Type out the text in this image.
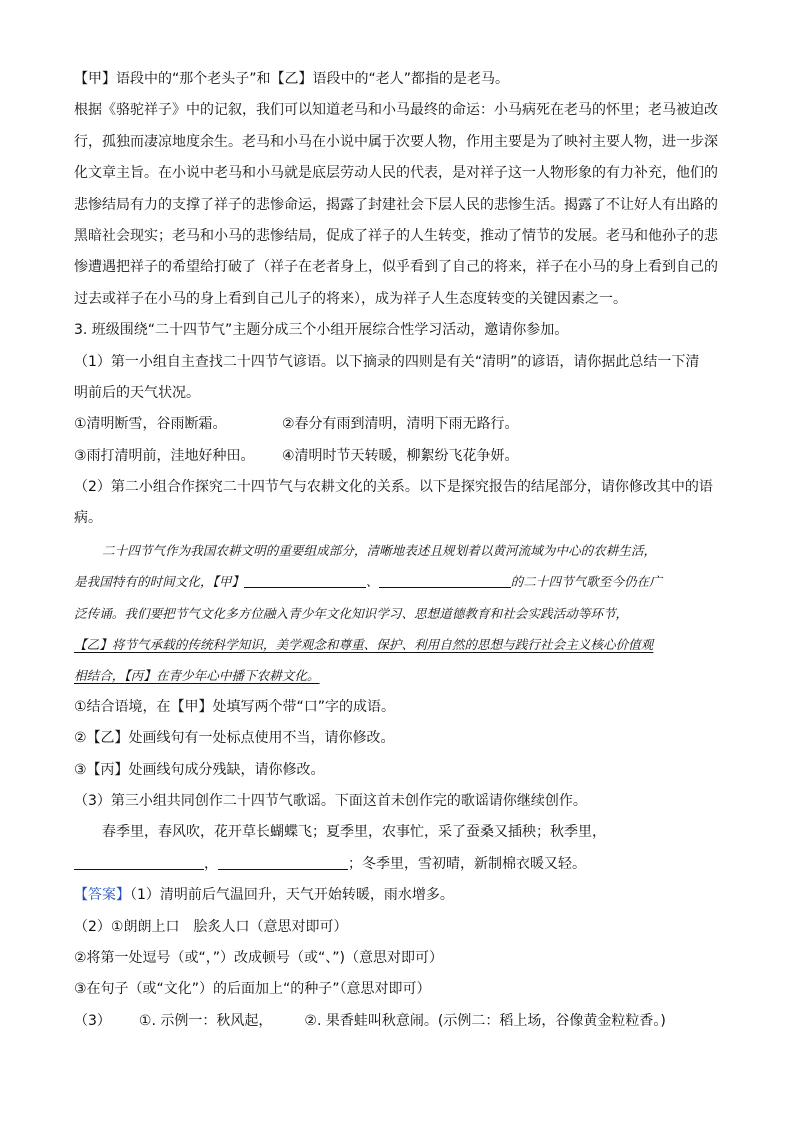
【甲】语段中的“那个老头子”和【乙】语段中的“老人”都指的是老马。
根据《骆驼祥子》中的记叙，我们可以知道老马和小马最终的命运：小马病死在老马的怀里；老马被迫改
行，孤独而凄凉地度余生。老马和小马在小说中属于次要人物，作用主要是为了映衬主要人物，进一步深
化文章主旨。在小说中老马和小马就是底层劳动人民的代表，是对祥子这一人物形象的有力补充，他们的
悲惨结局有力的支撑了祥子的悲惨命运，揭露了封建社会下层人民的悲惨生活。揭露了不让好人有出路的
黑暗社会现实；老马和小马的悲惨结局，促成了祥子的人生转变，推动了情节的发展。老马和他孙子的悲
惨遭遇把祥子的希望给打破了（祥子在老者身上，似乎看到了自己的将来，祥子在小马的身上看到自己的
过去或祥子在小马的身上看到自己儿子的将来），成为祥子人生态度转变的关键因素之一。
3. 班级围绕“二十四节气”主题分成三个小组开展综合性学习活动，邀请你参加。
（1）第一小组自主查找二十四节气谚语。以下摘录的四则是有关“清明”的谚语，请你据此总结一下清
明前后的天气状况。
①清明断雪，谷雨断霜。	②春分有雨到清明，清明下雨无路行。
③雨打清明前，洼地好种田。 ④清明时节天转暖，柳絮纷飞花争妍。
（2）第二小组合作探究二十四节气与农耕文化的关系。以下是探究报告的结尾部分，请你修改其中的语
病。
二十四节气作为我国农耕文明的重要组成部分，清晰地表述且规划着以黄河流域为中心的农耕生活，
是我国特有的时间文化，【甲】	、	的二十四节气歌至今仍在广
泛传诵。我们要把节气文化多方位融入青少年文化知识学习、思想道德教育和社会实践活动等环节，
【乙】将节气承载的传统科学知识，美学观念和尊重、保护、利用自然的思想与践行社会主义核心价值观
相结合，【丙】在青少年心中播下农耕文化。
①结合语境，在【甲】处填写两个带“口”字的成语。
②【乙】处画线句有一处标点使用不当，请你修改。
③【丙】处画线句成分残缺，请你修改。
（3）第三小组共同创作二十四节气歌谣。下面这首未创作完的歌谣请你继续创作。
春季里，春风吹，花开草长蝴蝶飞；夏季里，农事忙，采了蚕桑又插秧；秋季里，
，	；冬季里，雪初晴，新制棉衣暖又轻。
【答案】（1）清明前后气温回升，天气开始转暖，雨水增多。
（2）①朗朗上口　脍炙人口（意思对即可）
②将第一处逗号（或“，”）改成顿号（或“、”)（意思对即可）
③在句子（或“文化”）的后面加上“的种子”（意思对即可）
（3） ①. 示例一：秋风起， ②. 果香蛙叫秋意闹。(示例二：稻上场，谷像黄金粒粒香。)
